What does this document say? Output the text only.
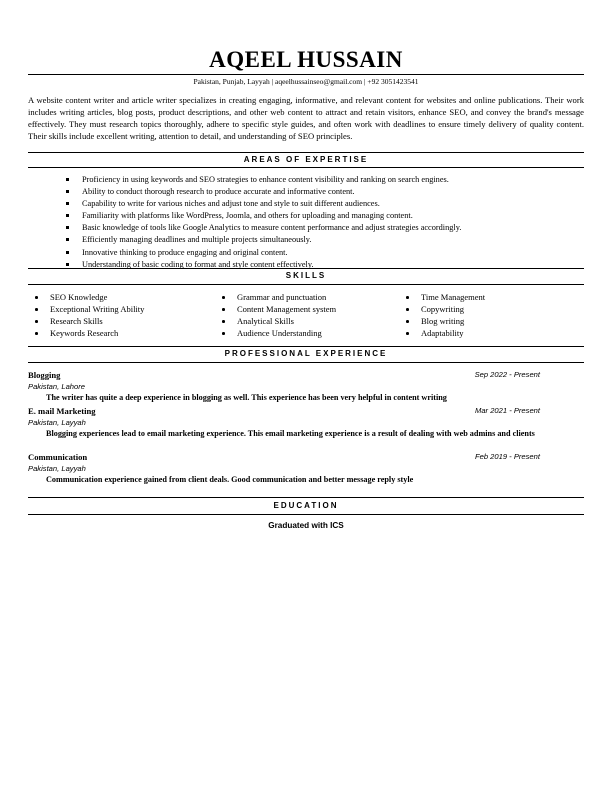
AQEEL HUSSAIN
Pakistan, Punjab, Layyah | aqeelhussainseo@gmail.com | +92 3051423541
A website content writer and article writer specializes in creating engaging, informative, and relevant content for websites and online publications. Their work includes writing articles, blog posts, product descriptions, and other web content to attract and retain visitors, enhance SEO, and convey the brand's message effectively. They must research topics thoroughly, adhere to specific style guides, and often work with deadlines to ensure timely delivery of quality content. Their skills include excellent writing, attention to detail, and understanding of SEO principles.
AREAS OF EXPERTISE
Proficiency in using keywords and SEO strategies to enhance content visibility and ranking on search engines.
Ability to conduct thorough research to produce accurate and informative content.
Capability to write for various niches and adjust tone and style to suit different audiences.
Familiarity with platforms like WordPress, Joomla, and others for uploading and managing content.
Basic knowledge of tools like Google Analytics to measure content performance and adjust strategies accordingly.
Efficiently managing deadlines and multiple projects simultaneously.
Innovative thinking to produce engaging and original content.
Understanding of basic coding to format and style content effectively.
SKILLS
SEO Knowledge
Exceptional Writing Ability
Research Skills
Keywords Research
Grammar and punctuation
Content Management system
Analytical Skills
Audience Understanding
Time Management
Copywriting
Blog writing
Adaptability
PROFESSIONAL EXPERIENCE
Blogging	Sep 2022 - Present
Pakistan, Lahore
The writer has quite a deep experience in blogging as well. This experience has been very helpful in content writing
E. mail Marketing	Mar 2021 - Present
Pakistan, Layyah
Blogging experiences lead to email marketing experience. This email marketing experience is a result of dealing with web admins and clients
Communication	Feb 2019 - Present
Pakistan, Layyah
Communication experience gained from client deals. Good communication and better message reply style
EDUCATION
Graduated with ICS
